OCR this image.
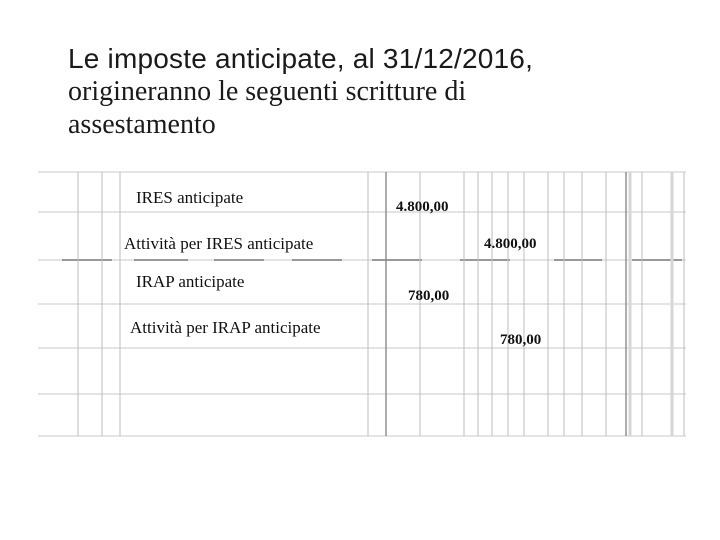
Le imposte anticipate, al 31/12/2016,
origineranno le seguenti scritture di
assestamento
IRES anticipate	4.800,00
Attività per IRES anticipate	4.800,00
IRAP anticipate
780,00
Attività per IRAP anticipate
780,00
